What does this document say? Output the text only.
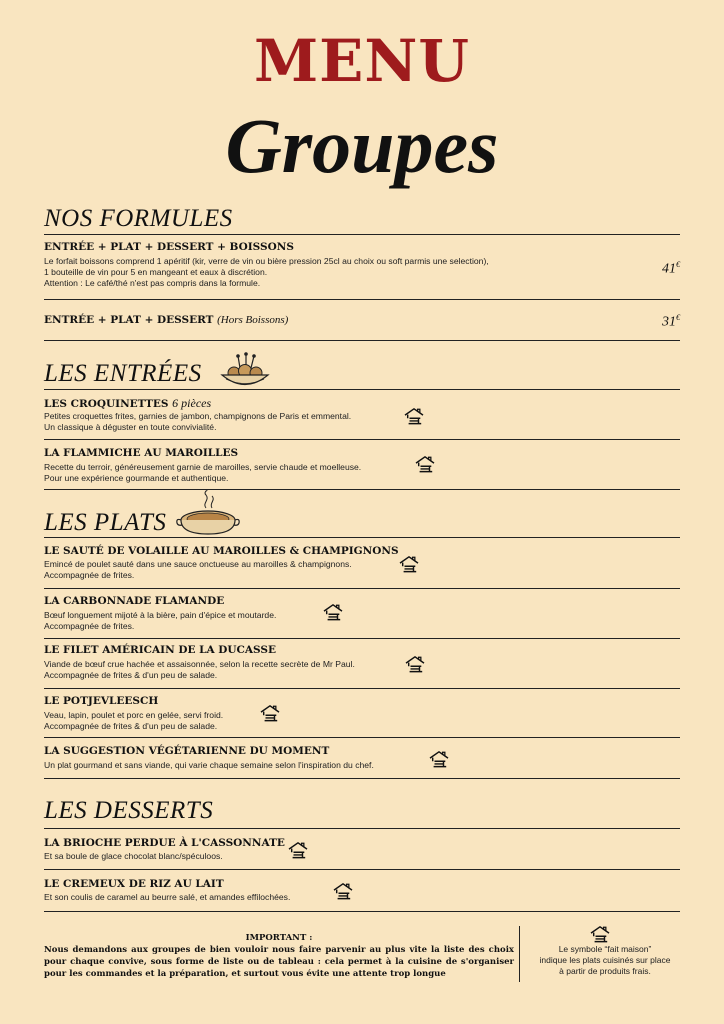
MENU
Groupes
NOS FORMULES
ENTRÉE + PLAT + DESSERT + BOISSONS
Le forfait boissons comprend 1 apéritif (kir, verre de vin ou bière pression 25cl au choix ou soft parmis une selection),
1 bouteille de vin pour 5 en mangeant et eaux à discrétion.
Attention : Le café/thé n'est pas compris dans la formule.
41€
ENTRÉE + PLAT + DESSERT (Hors Boissons)	31€
LES ENTRÉES
LES CROQUINETTES 6 pièces
Petites croquettes frites, garnies de jambon, champignons de Paris et emmental.
Un classique à déguster en toute convivialité.
LA FLAMMICHE AU MAROILLES
Recette du terroir, généreusement garnie de maroilles, servie chaude et moelleuse.
Pour une expérience gourmande et authentique.
LES PLATS
LE SAUTÉ DE VOLAILLE AU MAROILLES & CHAMPIGNONS
Emincé de poulet sauté dans une sauce onctueuse au maroilles & champignons.
Accompagnée de frites.
LA CARBONNADE FLAMANDE
Bœuf longuement mijoté à la bière, pain d'épice et moutarde.
Accompagnée de frites.
LE FILET AMÉRICAIN DE LA DUCASSE
Viande de bœuf crue hachée et assaisonnée, selon la recette secrète de Mr Paul.
Accompagnée de frites & d'un peu de salade.
LE POTJEVLEESCH
Veau, lapin, poulet et porc en gelée, servi froid.
Accompagnée de frites & d'un peu de salade.
LA SUGGESTION VÉGÉTARIENNE DU MOMENT
Un plat gourmand et sans viande, qui varie chaque semaine selon l'inspiration du chef.
LES DESSERTS
LA BRIOCHE PERDUE À L'CASSONNATE
Et sa boule de glace chocolat blanc/spéculoos.
LE CREMEUX DE RIZ AU LAIT
Et son coulis de caramel au beurre salé, et amandes effilochées.
IMPORTANT :
Nous demandons aux groupes de bien vouloir nous faire parvenir au plus vite la liste des choix pour chaque convive, sous forme de liste ou de tableau : cela permet à la cuisine de s'organiser pour les commandes et la préparation, et surtout vous évite une attente trop longue
Le symbole “fait maison”
indique les plats cuisinés sur place
à partir de produits frais.
